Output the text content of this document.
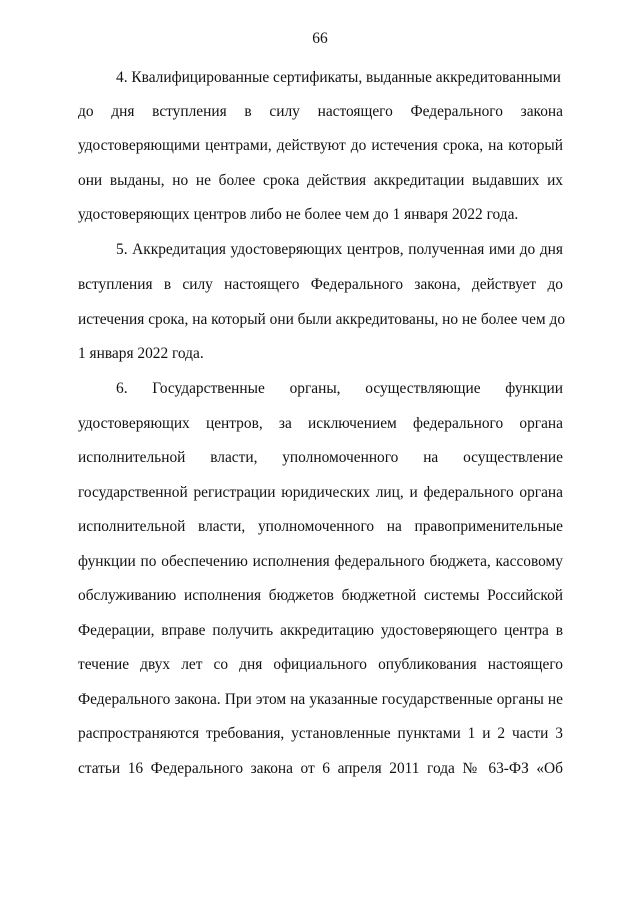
66
4. Квалифицированные сертификаты, выданные аккредитованными
до дня вступления в силу настоящего Федерального закона
удостоверяющими центрами, действуют до истечения срока, на который
они выданы, но не более срока действия аккредитации выдавших их
удостоверяющих центров либо не более чем до 1 января 2022 года.
5. Аккредитация удостоверяющих центров, полученная ими до дня
вступления в силу настоящего Федерального закона, действует до
истечения срока, на который они были аккредитованы, но не более чем до
1 января 2022 года.
6. Государственные органы, осуществляющие функции
удостоверяющих центров, за исключением федерального органа
исполнительной власти, уполномоченного на осуществление
государственной регистрации юридических лиц, и федерального органа
исполнительной власти, уполномоченного на правоприменительные
функции по обеспечению исполнения федерального бюджета, кассовому
обслуживанию исполнения бюджетов бюджетной системы Российской
Федерации, вправе получить аккредитацию удостоверяющего центра в
течение двух лет со дня официального опубликования настоящего
Федерального закона. При этом на указанные государственные органы не
распространяются требования, установленные пунктами 1 и 2 части 3
статьи 16 Федерального закона от 6 апреля 2011 года № 63-ФЗ «Об
